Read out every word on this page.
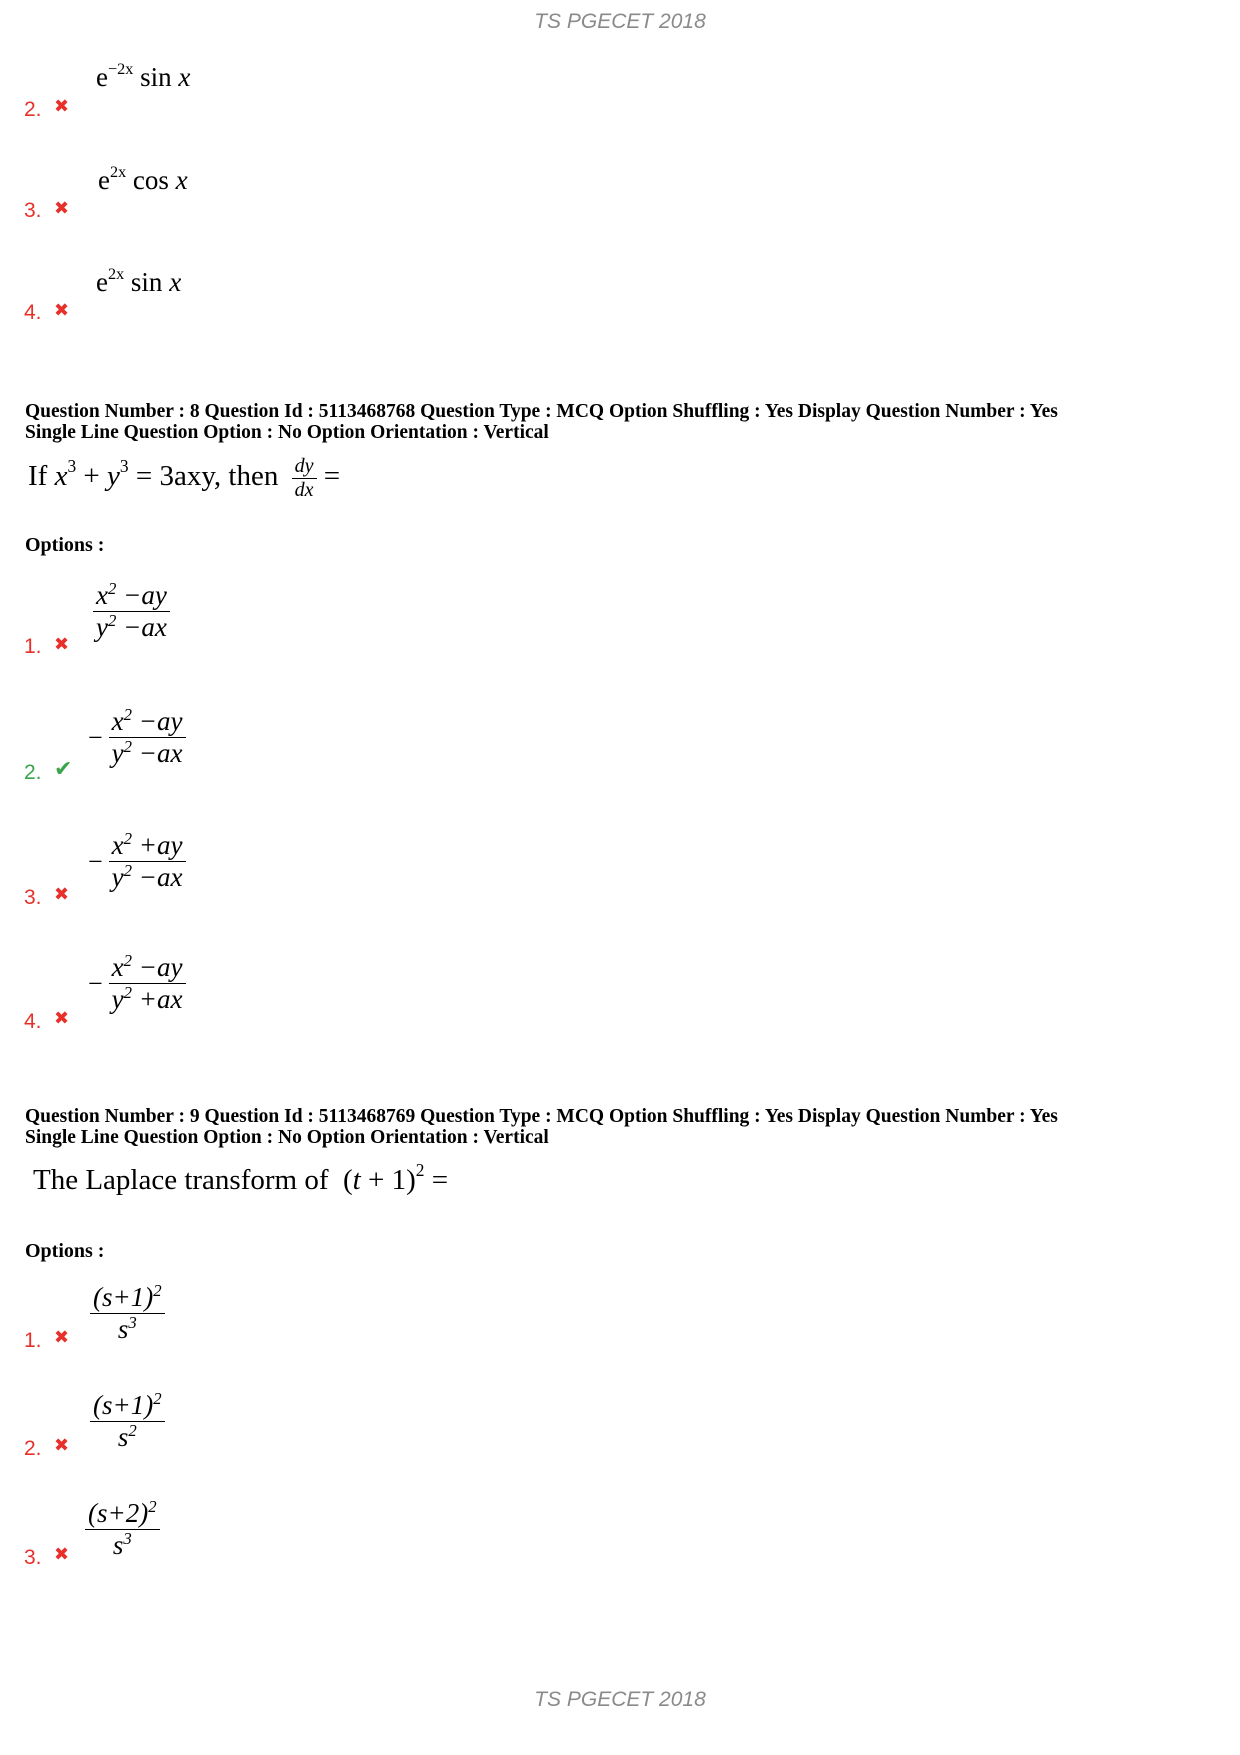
TS PGECET 2018
2. ✖
$e^{-2x}$ sin x
3. ✖
$e^{2x}$ cos x
4. ✖
$e^{2x}$ sin x
Question Number : 8 Question Id : 5113468768 Question Type : MCQ Option Shuffling : Yes Display Question Number : Yes
Single Line Question Option : No Option Orientation : Vertical
If $x^3 + y^3 = 3axy$, then $\frac{dy}{dx}$ =
Options :
1. ✖
$\frac{x^2 -ay}{y^2 -ax}$
2. ✔
− $\frac{x^2 -ay}{y^2 -ax}$
3. ✖
− $\frac{x^2 +ay}{y^2 -ax}$
4. ✖
− $\frac{x^2 -ay}{y^2 +ax}$
Question Number : 9 Question Id : 5113468769 Question Type : MCQ Option Shuffling : Yes Display Question Number : Yes
Single Line Question Option : No Option Orientation : Vertical
The Laplace transform of  $(t + 1)^2$ =
Options :
1. ✖ $\frac{(s+1)^2}{s^3}$
2. ✖ $\frac{(s+1)^2}{s^2}$
3. ✖ $\frac{(s+2)^2}{s^3}$
TS PGECET 2018
